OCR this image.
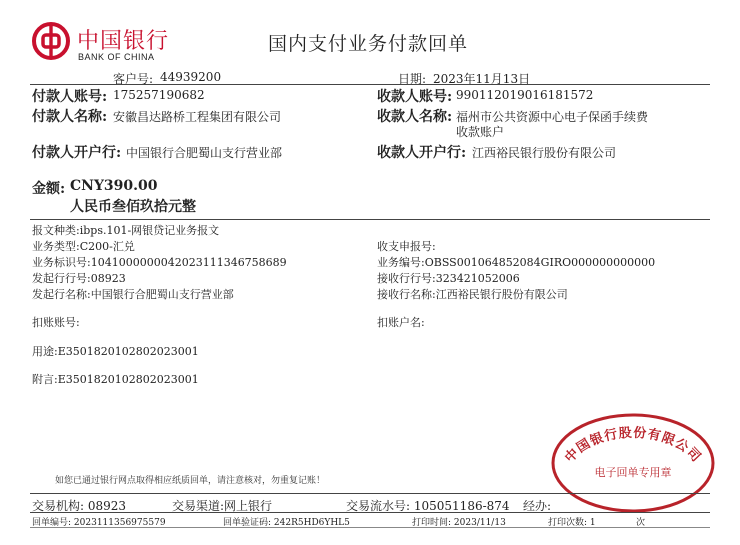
中国银行
BANK OF CHINA
国内支付业务付款回单
客户号: 44939200	日期: 2023年11月13日
付款人账号: 175257190682
付款人名称: 安徽昌达路桥工程集团有限公司
付款人开户行: 中国银行合肥蜀山支行营业部
收款人账号: 990112019016181572
收款人名称: 福州市公共资源中心电子保函手续费
收款账户
收款人开户行: 江西裕民银行股份有限公司
金额: CNY390.00
人民币叁佰玖拾元整
报文种类:ibps.101-网银贷记业务报文
业务类型:C200-汇兑
业务标识号:10410000000420231113467586​89
发起行行号:08923
发起行名称:中国银行合肥蜀山支行营业部
收支申报号:
业务编号:OBSS001064852084GIRO000000000000
接收行行号:323421052006
接收行名称:江西裕民银行股份有限公司
扣账账号:	扣账户名:
用途:E3501820102802023001
附言:E3501820102802023001
如您已通过银行网点取得相应纸质回单，请注意核对，勿重复记账！
中国银行股份有限公司
电子回单专用章
交易机构: 08923	交易渠道:网上银行	交易流水号: 105051186-874 经办:
回单编号: 2023111356975579	回单验证码: 242R5HD6YHL5	打印时间: 2023/11/13	打印次数: 1	次
